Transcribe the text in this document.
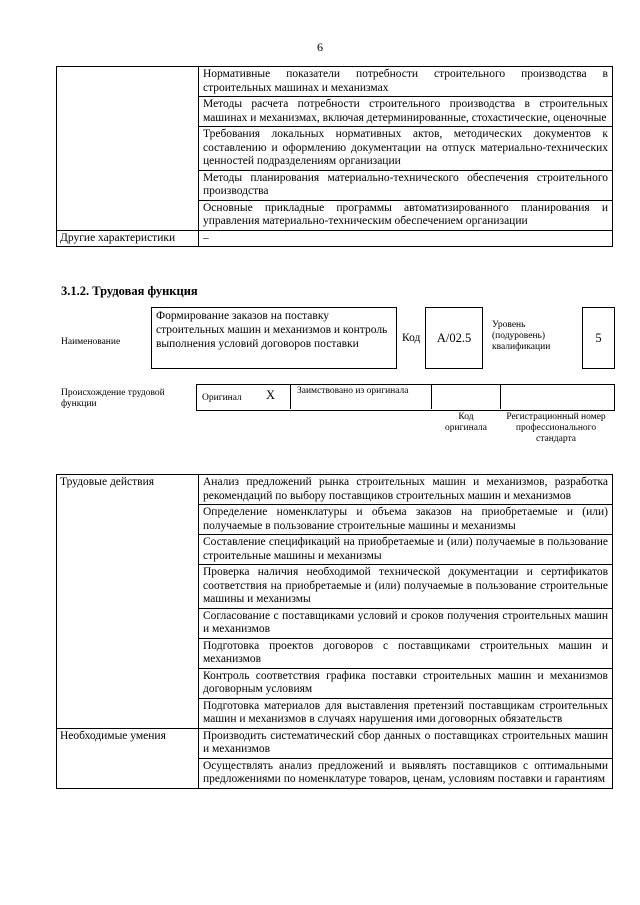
6
	Нормативные показатели потребности строительного производства в строительных машинах и механизмах
	Методы расчета потребности строительного производства в строительных машинах и механизмах, включая детерминированные, стохастические, оценочные
	Требования локальных нормативных актов, методических документов к составлению и оформлению документации на отпуск материально-технических ценностей подразделениям организации
	Методы планирования материально-технического обеспечения строительного производства
	Основные прикладные программы автоматизированного планирования и управления материально-техническим обеспечением организации
Другие характеристики	–
3.1.2. Трудовая функция
Наименование
Формирование заказов на поставку строительных машин и механизмов и контроль выполнения условий договоров поставки	Код	A/02.5
Уровень (подуровень) квалификации
5
Происхождение трудовой функции
Оригинал X Заимствовано из оригинала
Код оригинала
Регистрационный номер профессионального стандарта
Трудовые действия	Анализ предложений рынка строительных машин и механизмов, разработка рекомендаций по выбору поставщиков строительных машин и механизмов
	Определение номенклатуры и объема заказов на приобретаемые и (или) получаемые в пользование строительные машины и механизмы
	Составление спецификаций на приобретаемые и (или) получаемые в пользование строительные машины и механизмы
	Проверка наличия необходимой технической документации и сертификатов соответствия на приобретаемые и (или) получаемые в пользование строительные машины и механизмы
	Согласование с поставщиками условий и сроков получения строительных машин и механизмов
	Подготовка проектов договоров с поставщиками строительных машин и механизмов
	Контроль соответствия графика поставки строительных машин и механизмов договорным условиям
	Подготовка материалов для выставления претензий поставщикам строительных машин и механизмов в случаях нарушения ими договорных обязательств
Необходимые умения	Производить систематический сбор данных о поставщиках строительных машин и механизмов
	Осуществлять анализ предложений и выявлять поставщиков с оптимальными предложениями по номенклатуре товаров, ценам, условиям поставки и гарантиям
